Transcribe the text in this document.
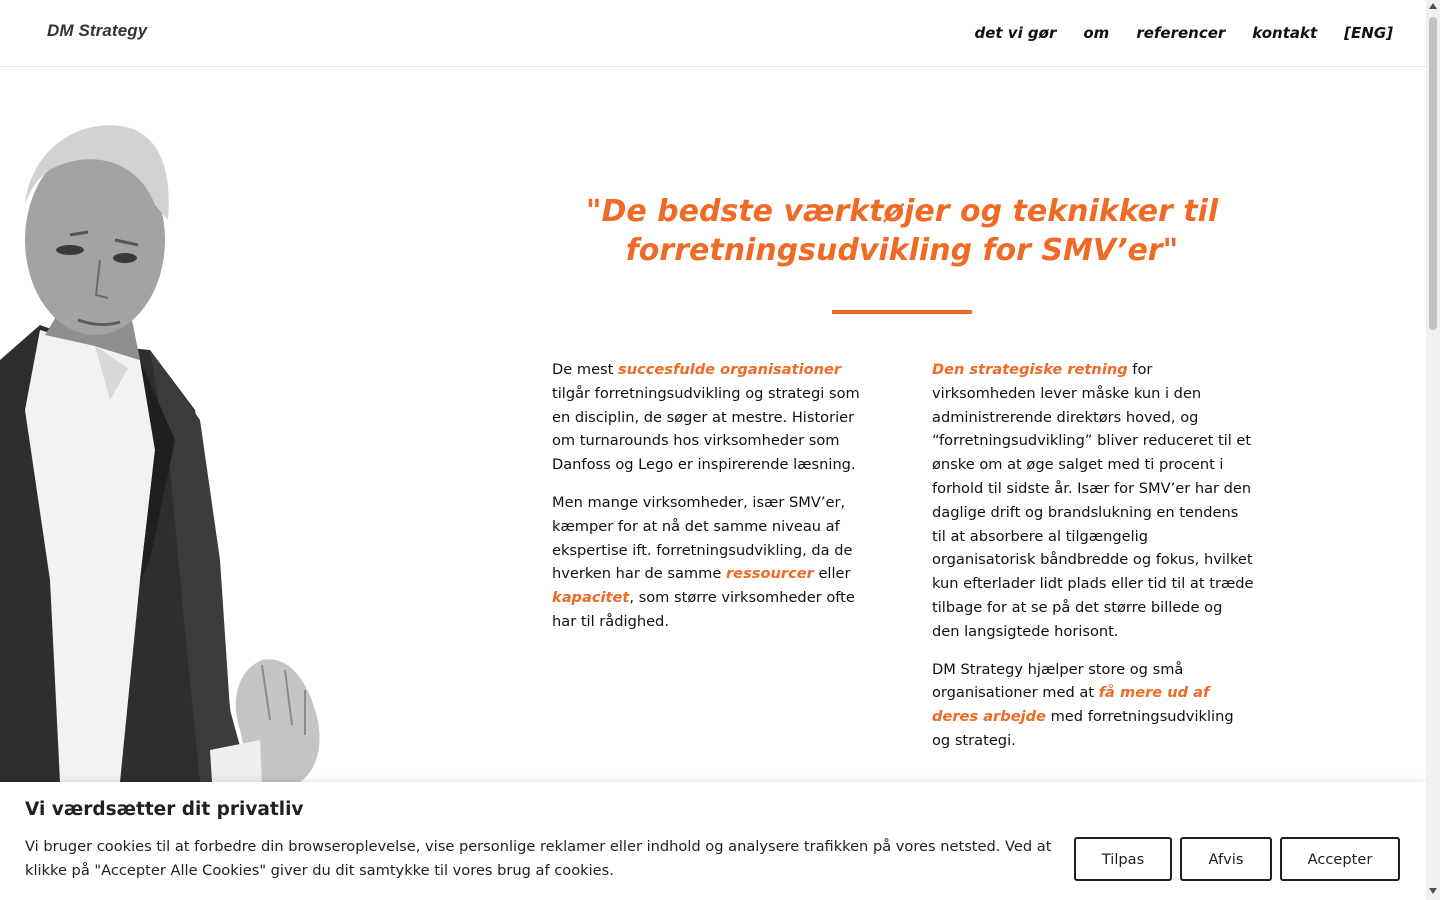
DM Strategy	det vi gør om referencer kontakt [ENG]
"De bedste værktøjer og teknikker til
forretningsudvikling for SMV’er"

De mest succesfulde organisationer tilgår forretningsudvikling og strategi som en disciplin, de søger at mestre. Historier om turnarounds hos virksomheder som Danfoss og Lego er inspirerende læsning.

Men mange virksomheder, især SMV’er, kæmper for at nå det samme niveau af ekspertise ift. forretningsudvikling, da de hverken har de samme ressourcer eller kapacitet, som større virksomheder ofte har til rådighed.

Den strategiske retning for virksomheden lever måske kun i den administrerende direktørs hoved, og “forretningsudvikling” bliver reduceret til et ønske om at øge salget med ti procent i forhold til sidste år. Især for SMV’er har den daglige drift og brandslukning en tendens til at absorbere al tilgængelig organisatorisk båndbredde og fokus, hvilket kun efterlader lidt plads eller tid til at træde tilbage for at se på det større billede og den langsigtede horisont.

DM Strategy hjælper store og små organisationer med at få mere ud af deres arbejde med forretningsudvikling og strategi.

Vi værdsætter dit privatliv
Vi bruger cookies til at forbedre din browseroplevelse, vise personlige reklamer eller indhold og analysere trafikken på vores netsted. Ved at klikke på "Accepter Alle Cookies" giver du dit samtykke til vores brug af cookies.
Tilpas	Afvis	Accepter
